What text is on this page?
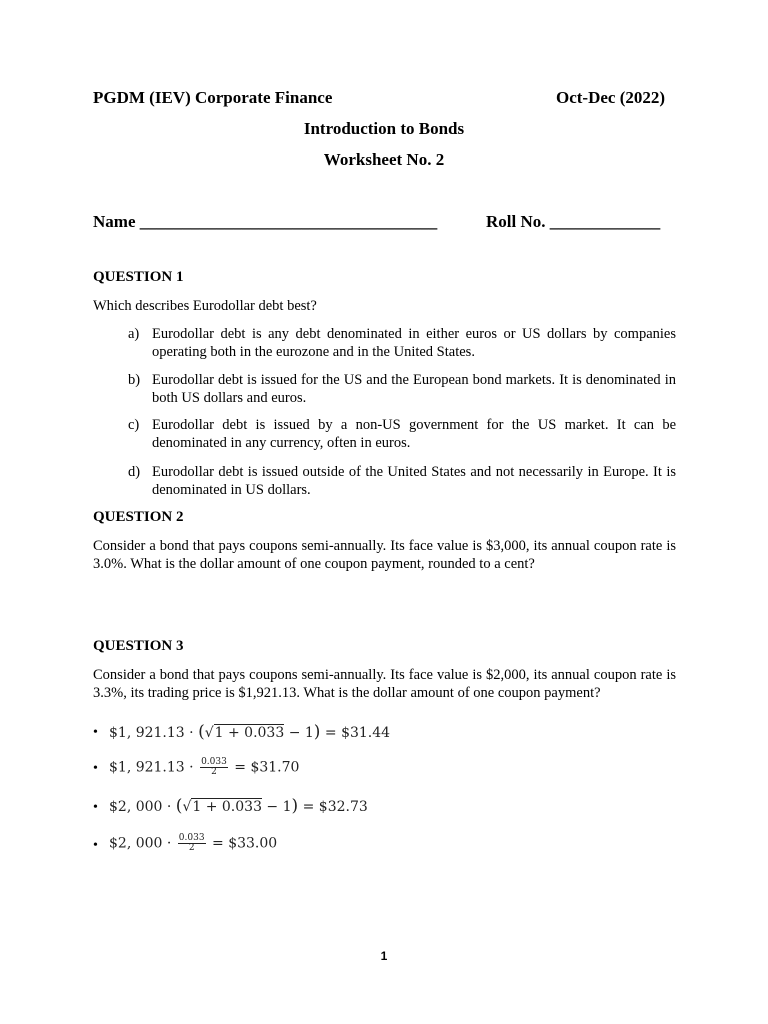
PGDM (IEV) Corporate Finance	Oct-Dec (2022)
Introduction to Bonds
Worksheet No. 2
Name ___________________________________	Roll No. _____________
QUESTION 1
Which describes Eurodollar debt best?
a) Eurodollar debt is any debt denominated in either euros or US dollars by companies operating both in the eurozone and in the United States.
b) Eurodollar debt is issued for the US and the European bond markets. It is denominated in both US dollars and euros.
c) Eurodollar debt is issued by a non-US government for the US market. It can be denominated in any currency, often in euros.
d) Eurodollar debt is issued outside of the United States and not necessarily in Europe. It is denominated in US dollars.
QUESTION 2
Consider a bond that pays coupons semi-annually. Its face value is $3,000, its annual coupon rate is 3.0%. What is the dollar amount of one coupon payment, rounded to a cent?
QUESTION 3
Consider a bond that pays coupons semi-annually. Its face value is $2,000, its annual coupon rate is 3.3%, its trading price is $1,921.13. What is the dollar amount of one coupon payment?
• $1, 921.13 · (√1 + 0.033 − 1) = $31.44
• $1, $921.13 \cdot \frac{0.033}{2}$ = $31.70
• $2, 000 · (√1 + 0.033 − 1) = $32.73
• $2, $000 \cdot \frac{0.033}{2}$ = $33.00
1
